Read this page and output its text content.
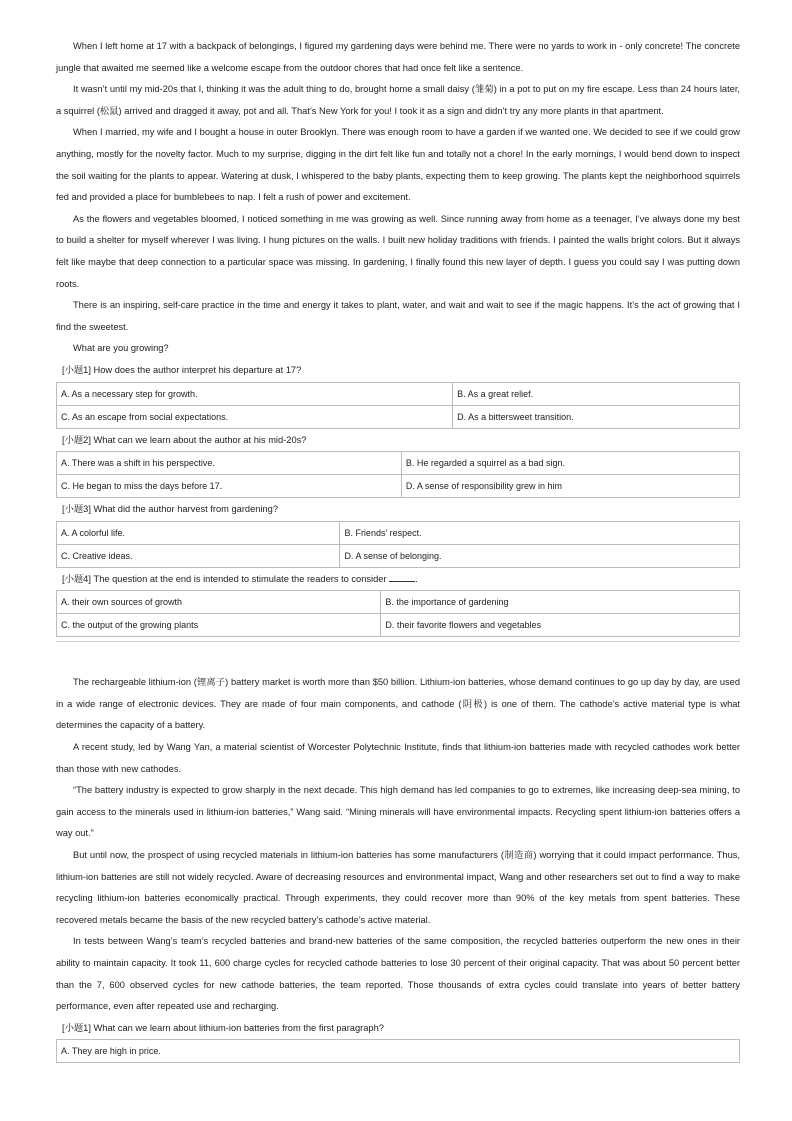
When I left home at 17 with a backpack of belongings, I figured my gardening days were behind me. There were no yards to work in - only concrete! The concrete jungle that awaited me seemed like a welcome escape from the outdoor chores that had once felt like a sentence.

It wasn’t until my mid-20s that I, thinking it was the adult thing to do, brought home a small daisy (雏菊) in a pot to put on my fire escape. Less than 24 hours later, a squirrel (松鼠) arrived and dragged it away, pot and all. That’s New York for you! I took it as a sign and didn’t try any more plants in that apartment.

When I married, my wife and I bought a house in outer Brooklyn. There was enough room to have a garden if we wanted one. We decided to see if we could grow anything, mostly for the novelty factor. Much to my surprise, digging in the dirt felt like fun and totally not a chore! In the early mornings, I would bend down to inspect the soil waiting for the plants to appear. Watering at dusk, I whispered to the baby plants, expecting them to keep growing. The plants kept the neighborhood squirrels fed and provided a place for bumblebees to nap. I felt a rush of power and excitement.

As the flowers and vegetables bloomed, I noticed something in me was growing as well. Since running away from home as a teenager, I’ve always done my best to build a shelter for myself wherever I was living. I hung pictures on the walls. I built new holiday traditions with friends. I painted the walls bright colors. But it always felt like maybe that deep connection to a particular space was missing. In gardening, I finally found this new layer of depth. I guess you could say I was putting down roots.

There is an inspiring, self-care practice in the time and energy it takes to plant, water, and wait and wait to see if the magic happens. It’s the act of growing that I find the sweetest.

What are you growing?

[小题1] How does the author interpret his departure at 17?
A. As a necessary step for growth.	B. As a great relief.
C. As an escape from social expectations.	D. As a bittersweet transition.
[小题2] What can we learn about the author at his mid-20s?
A. There was a shift in his perspective.	B. He regarded a squirrel as a bad sign.
C. He began to miss the days before 17.	D. A sense of responsibility grew in him
[小题3] What did the author harvest from gardening?
A. A colorful life.	B. Friends’ respect.
C. Creative ideas.	D. A sense of belonging.
[小题4] The question at the end is intended to stimulate the readers to consider	.
A. their own sources of growth	B. the importance of gardening
C. the output of the growing plants	D. their favorite flowers and vegetables

The rechargeable lithium-ion (锂离子) battery market is worth more than $50 billion. Lithium-ion batteries, whose demand continues to go up day by day, are used in a wide range of electronic devices. They are made of four main components, and cathode (阴极) is one of them. The cathode’s active material type is what determines the capacity of a battery.

A recent study, led by Wang Yan, a material scientist of Worcester Polytechnic Institute, finds that lithium-ion batteries made with recycled cathodes work better than those with new cathodes.

“The battery industry is expected to grow sharply in the next decade. This high demand has led companies to go to extremes, like increasing deep-sea mining, to gain access to the minerals used in lithium-ion batteries,” Wang said. “Mining minerals will have environmental impacts. Recycling spent lithium-ion batteries offers a way out.”

But until now, the prospect of using recycled materials in lithium-ion batteries has some manufacturers (制造商) worrying that it could impact performance. Thus, lithium-ion batteries are still not widely recycled. Aware of decreasing resources and environmental impact, Wang and other researchers set out to find a way to make recycling lithium-ion batteries economically practical. Through experiments, they could recover more than 90% of the key metals from spent batteries. These recovered metals became the basis of the new recycled battery’s cathode’s active material.

In tests between Wang’s team’s recycled batteries and brand-new batteries of the same composition, the recycled batteries outperform the new ones in their ability to maintain capacity. It took 11, 600 charge cycles for recycled cathode batteries to lose 30 percent of their original capacity. That was about 50 percent better than the 7, 600 observed cycles for new cathode batteries, the team reported. Those thousands of extra cycles could translate into years of better battery performance, even after repeated use and recharging.

[小题1] What can we learn about lithium-ion batteries from the first paragraph?
A. They are high in price.
